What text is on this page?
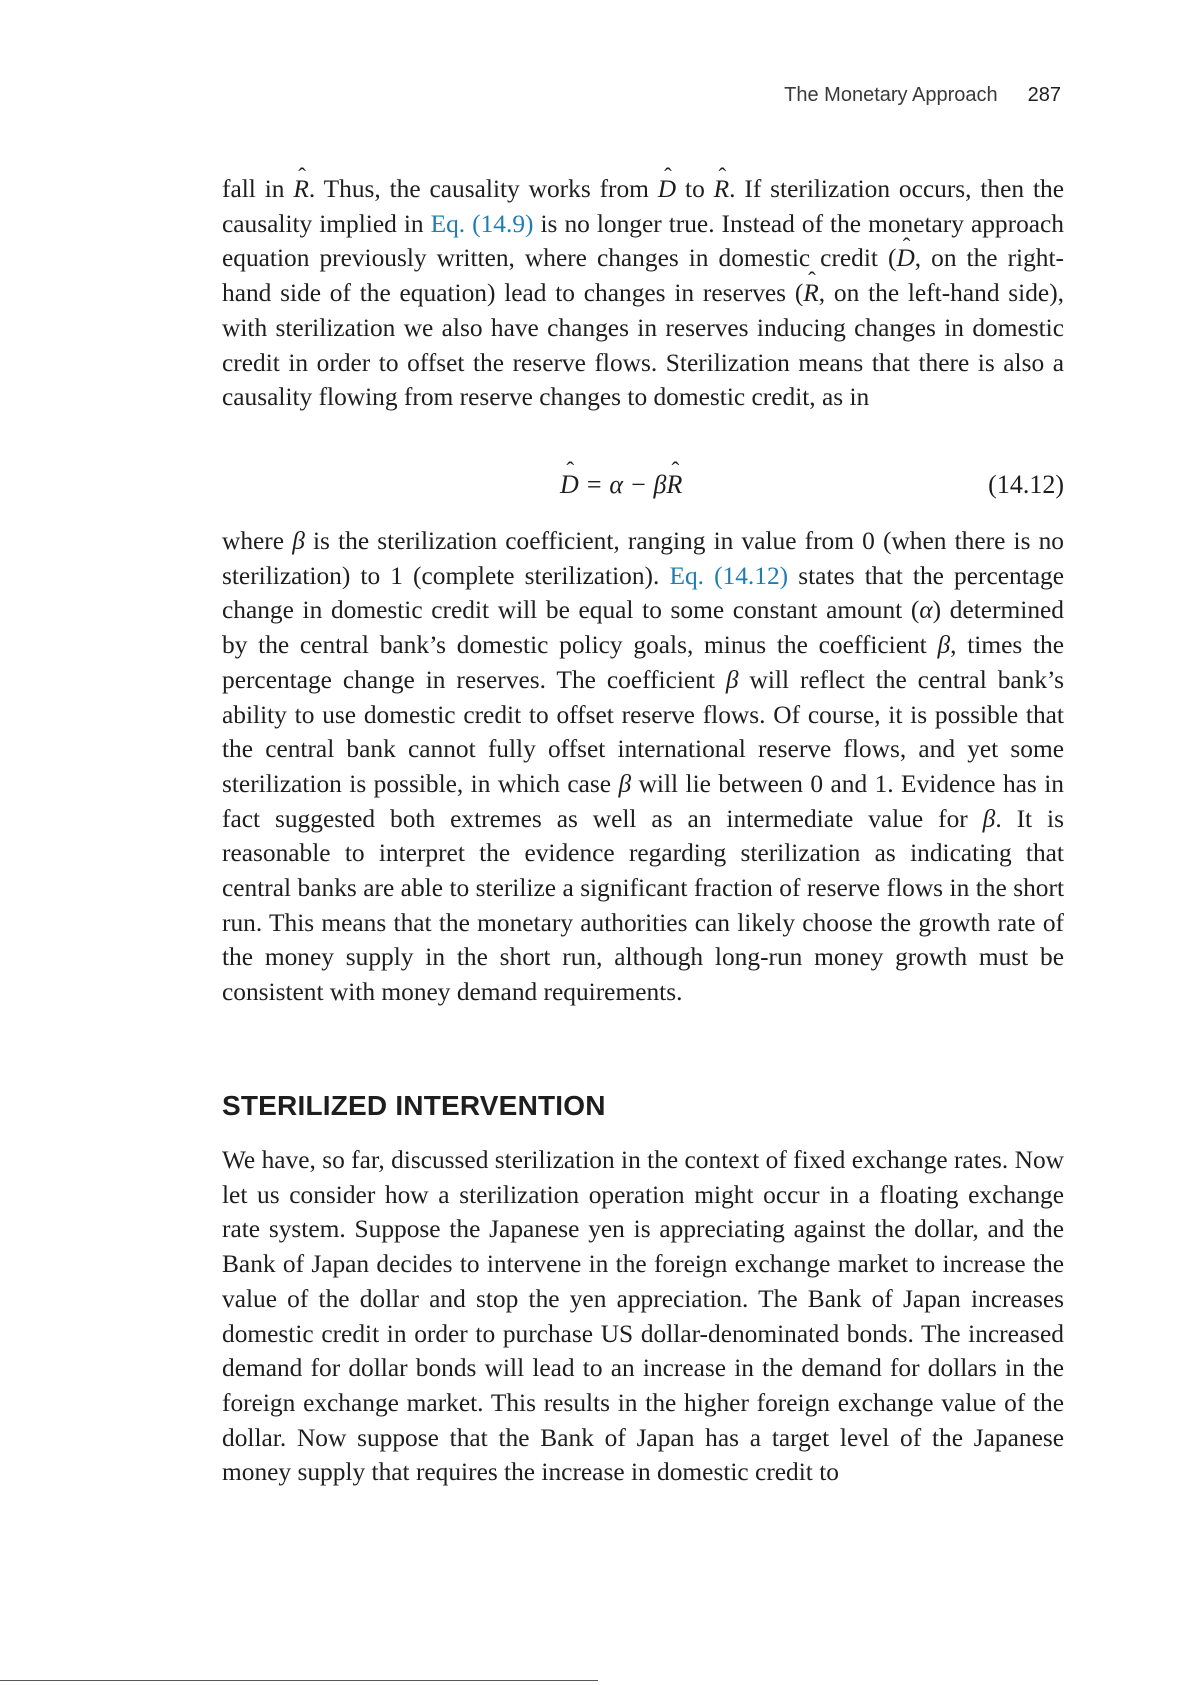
The Monetary Approach 287

fall in ˆ R. Thus, the causality works from ˆ D to ˆ R. If sterilization occurs, then the causality implied in Eq. (14.9) is no longer true. Instead of the monetary approach equation previously written, where changes in domestic credit (ˆ D, on the right-hand side of the equation) lead to changes in reserves (ˆ R, on the left-hand side), with sterilization we also have changes in reserves inducing changes in domestic credit in order to offset the reserve flows. Sterilization means that there is also a causality flowing from reserve changes to domestic credit, as in

ˆ D = α − βˆ R	(14.12)

where β is the sterilization coefficient, ranging in value from 0 (when there is no sterilization) to 1 (complete sterilization). Eq. (14.12) states that the percentage change in domestic credit will be equal to some constant amount (α) determined by the central bank’s domestic policy goals, minus the coefficient β, times the percentage change in reserves. The coefficient β will reflect the central bank’s ability to use domestic credit to offset reserve flows. Of course, it is possible that the central bank cannot fully offset international reserve flows, and yet some sterilization is possible, in which case β will lie between 0 and 1. Evidence has in fact suggested both extremes as well as an intermediate value for β. It is reasonable to interpret the evidence regarding sterilization as indicating that central banks are able to sterilize a significant fraction of reserve flows in the short run. This means that the monetary authorities can likely choose the growth rate of the money supply in the short run, although long-run money growth must be consistent with money demand requirements.

STERILIZED INTERVENTION

We have, so far, discussed sterilization in the context of fixed exchange rates. Now let us consider how a sterilization operation might occur in a floating exchange rate system. Suppose the Japanese yen is appreciating against the dollar, and the Bank of Japan decides to intervene in the foreign exchange market to increase the value of the dollar and stop the yen appreciation. The Bank of Japan increases domestic credit in order to purchase US dollar-denominated bonds. The increased demand for dollar bonds will lead to an increase in the demand for dollars in the foreign exchange market. This results in the higher foreign exchange value of the dollar. Now suppose that the Bank of Japan has a target level of the Japanese money supply that requires the increase in domestic credit to
